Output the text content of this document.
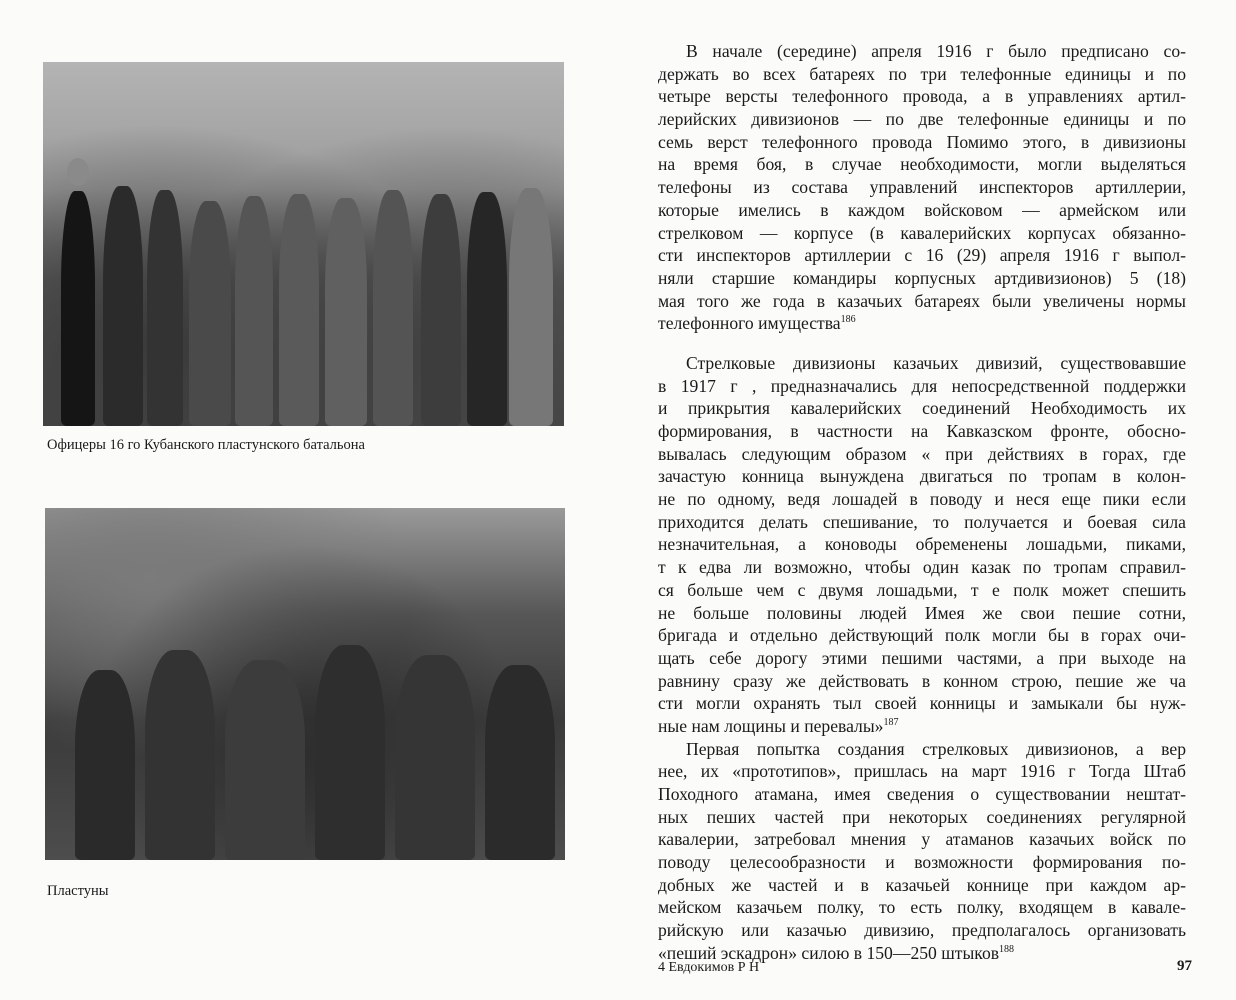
Офицеры 16 го Кубанского пластунского батальона
Пластуны
В начале (середине) апреля 1916 г было предписано со-
держать во всех батареях по три телефонные единицы и по
четыре версты телефонного провода, а в управлениях артил-
лерийских дивизионов — по две телефонные единицы и по
семь верст телефонного провода Помимо этого, в дивизионы
на время боя, в случае необходимости, могли выделяться
телефоны из состава управлений инспекторов артиллерии,
которые имелись в каждом войсковом — армейском или
стрелковом — корпусе (в кавалерийских корпусах обязанно-
сти инспекторов артиллерии с 16 (29) апреля 1916 г выпол-
няли старшие командиры корпусных артдивизионов) 5 (18)
мая того же года в казачьих батареях были увеличены нормы
телефонного имущества$^{186}$
Стрелковые дивизионы казачьих дивизий, существовавшие
в 1917 г , предназначались для непосредственной поддержки
и прикрытия кавалерийских соединений Необходимость их
формирования, в частности на Кавказском фронте, обосно-
вывалась следующим образом « при действиях в горах, где
зачастую конница вынуждена двигаться по тропам в колон-
не по одному, ведя лошадей в поводу и неся еще пики если
приходится делать спешивание, то получается и боевая сила
незначительная, а коноводы обременены лошадьми, пиками,
т к едва ли возможно, чтобы один казак по тропам справил-
ся больше чем с двумя лошадьми, т е полк может спешить
не больше половины людей Имея же свои пешие сотни,
бригада и отдельно действующий полк могли бы в горах очи-
щать себе дорогу этими пешими частями, а при выходе на
равнину сразу же действовать в конном строю, пешие же ча
сти могли охранять тыл своей конницы и замыкали бы нуж-
ные нам лощины и перевалы»$^{187}$
Первая попытка создания стрелковых дивизионов, а вер
нее, их «прототипов», пришлась на март 1916 г Тогда Штаб
Походного атамана, имея сведения о существовании нештат-
ных пеших частей при некоторых соединениях регулярной
кавалерии, затребовал мнения у атаманов казачьих войск по
поводу целесообразности и возможности формирования по-
добных же частей и в казачьей коннице при каждом ар-
мейском казачьем полку, то есть полку, входящем в кавале-
рийскую или казачью дивизию, предполагалось организовать
«пеший эскадрон» силою в 150—250 штыков$^{188}$
4 Евдокимов Р Н	97
